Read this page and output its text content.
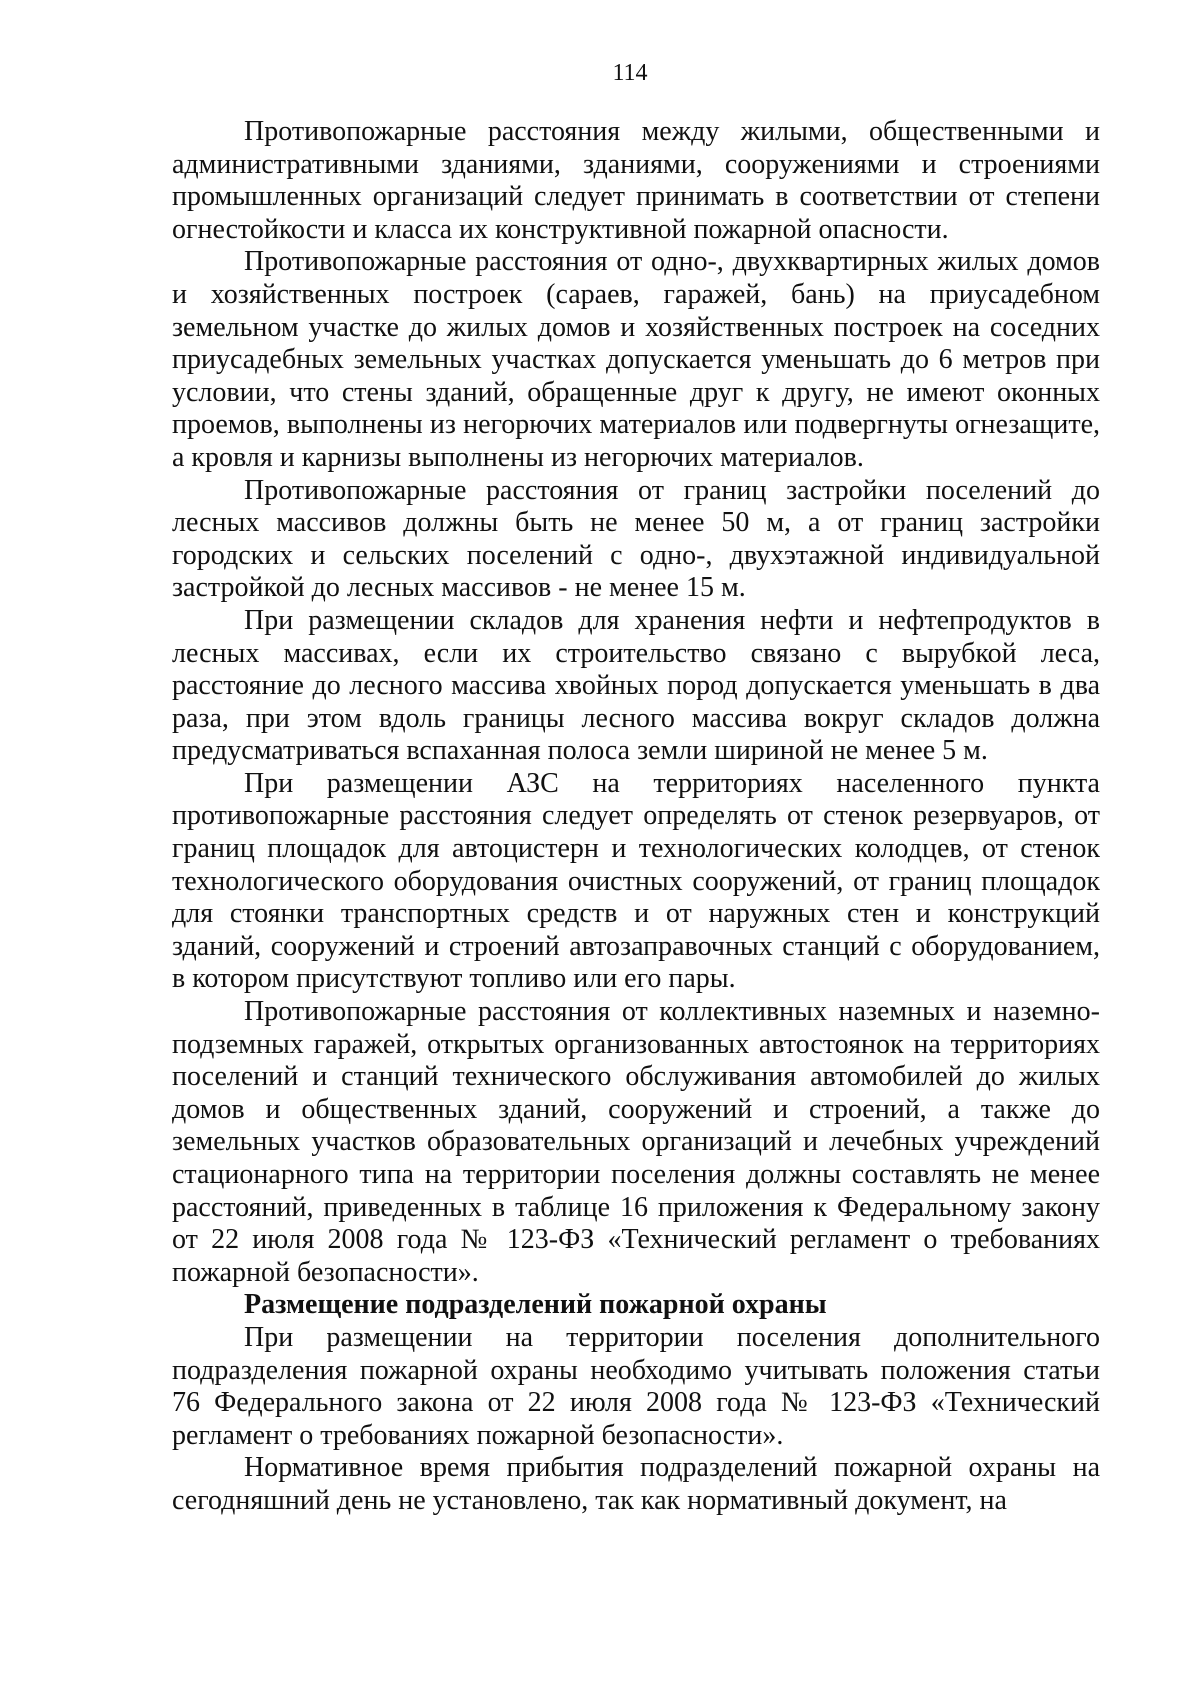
114

Противопожарные расстояния между жилыми, общественными и административными зданиями, зданиями, сооружениями и строениями промышленных организаций следует принимать в соответствии от степени огнестойкости и класса их конструктивной пожарной опасности.

Противопожарные расстояния от одно-, двухквартирных жилых домов и хозяйственных построек (сараев, гаражей, бань) на приусадебном земельном участке до жилых домов и хозяйственных построек на соседних приусадебных земельных участках допускается уменьшать до 6 метров при условии, что стены зданий, обращенные друг к другу, не имеют оконных проемов, выполнены из негорючих материалов или подвергнуты огнезащите, а кровля и карнизы выполнены из негорючих материалов.

Противопожарные расстояния от границ застройки поселений до лесных массивов должны быть не менее 50 м, а от границ застройки городских и сельских поселений с одно-, двухэтажной индивидуальной застройкой до лесных массивов - не менее 15 м.

При размещении складов для хранения нефти и нефтепродуктов в лесных массивах, если их строительство связано с вырубкой леса, расстояние до лесного массива хвойных пород допускается уменьшать в два раза, при этом вдоль границы лесного массива вокруг складов должна предусматриваться вспаханная полоса земли шириной не менее 5 м.

При размещении АЗС на территориях населенного пункта противопожарные расстояния следует определять от стенок резервуаров, от границ площадок для автоцистерн и технологических колодцев, от стенок технологического оборудования очистных сооружений, от границ площадок для стоянки транспортных средств и от наружных стен и конструкций зданий, сооружений и строений автозаправочных станций с оборудованием, в котором присутствуют топливо или его пары.

Противопожарные расстояния от коллективных наземных и наземно-подземных гаражей, открытых организованных автостоянок на территориях поселений и станций технического обслуживания автомобилей до жилых домов и общественных зданий, сооружений и строений, а также до земельных участков образовательных организаций и лечебных учреждений стационарного типа на территории поселения должны составлять не менее расстояний, приведенных в таблице 16 приложения к Федеральному закону от 22 июля 2008 года № 123-ФЗ «Технический регламент о требованиях пожарной безопасности».

Размещение подразделений пожарной охраны

При размещении на территории поселения дополнительного подразделения пожарной охраны необходимо учитывать положения статьи 76 Федерального закона от 22 июля 2008 года № 123-ФЗ «Технический регламент о требованиях пожарной безопасности».

Нормативное время прибытия подразделений пожарной охраны на сегодняшний день не установлено, так как нормативный документ, на
